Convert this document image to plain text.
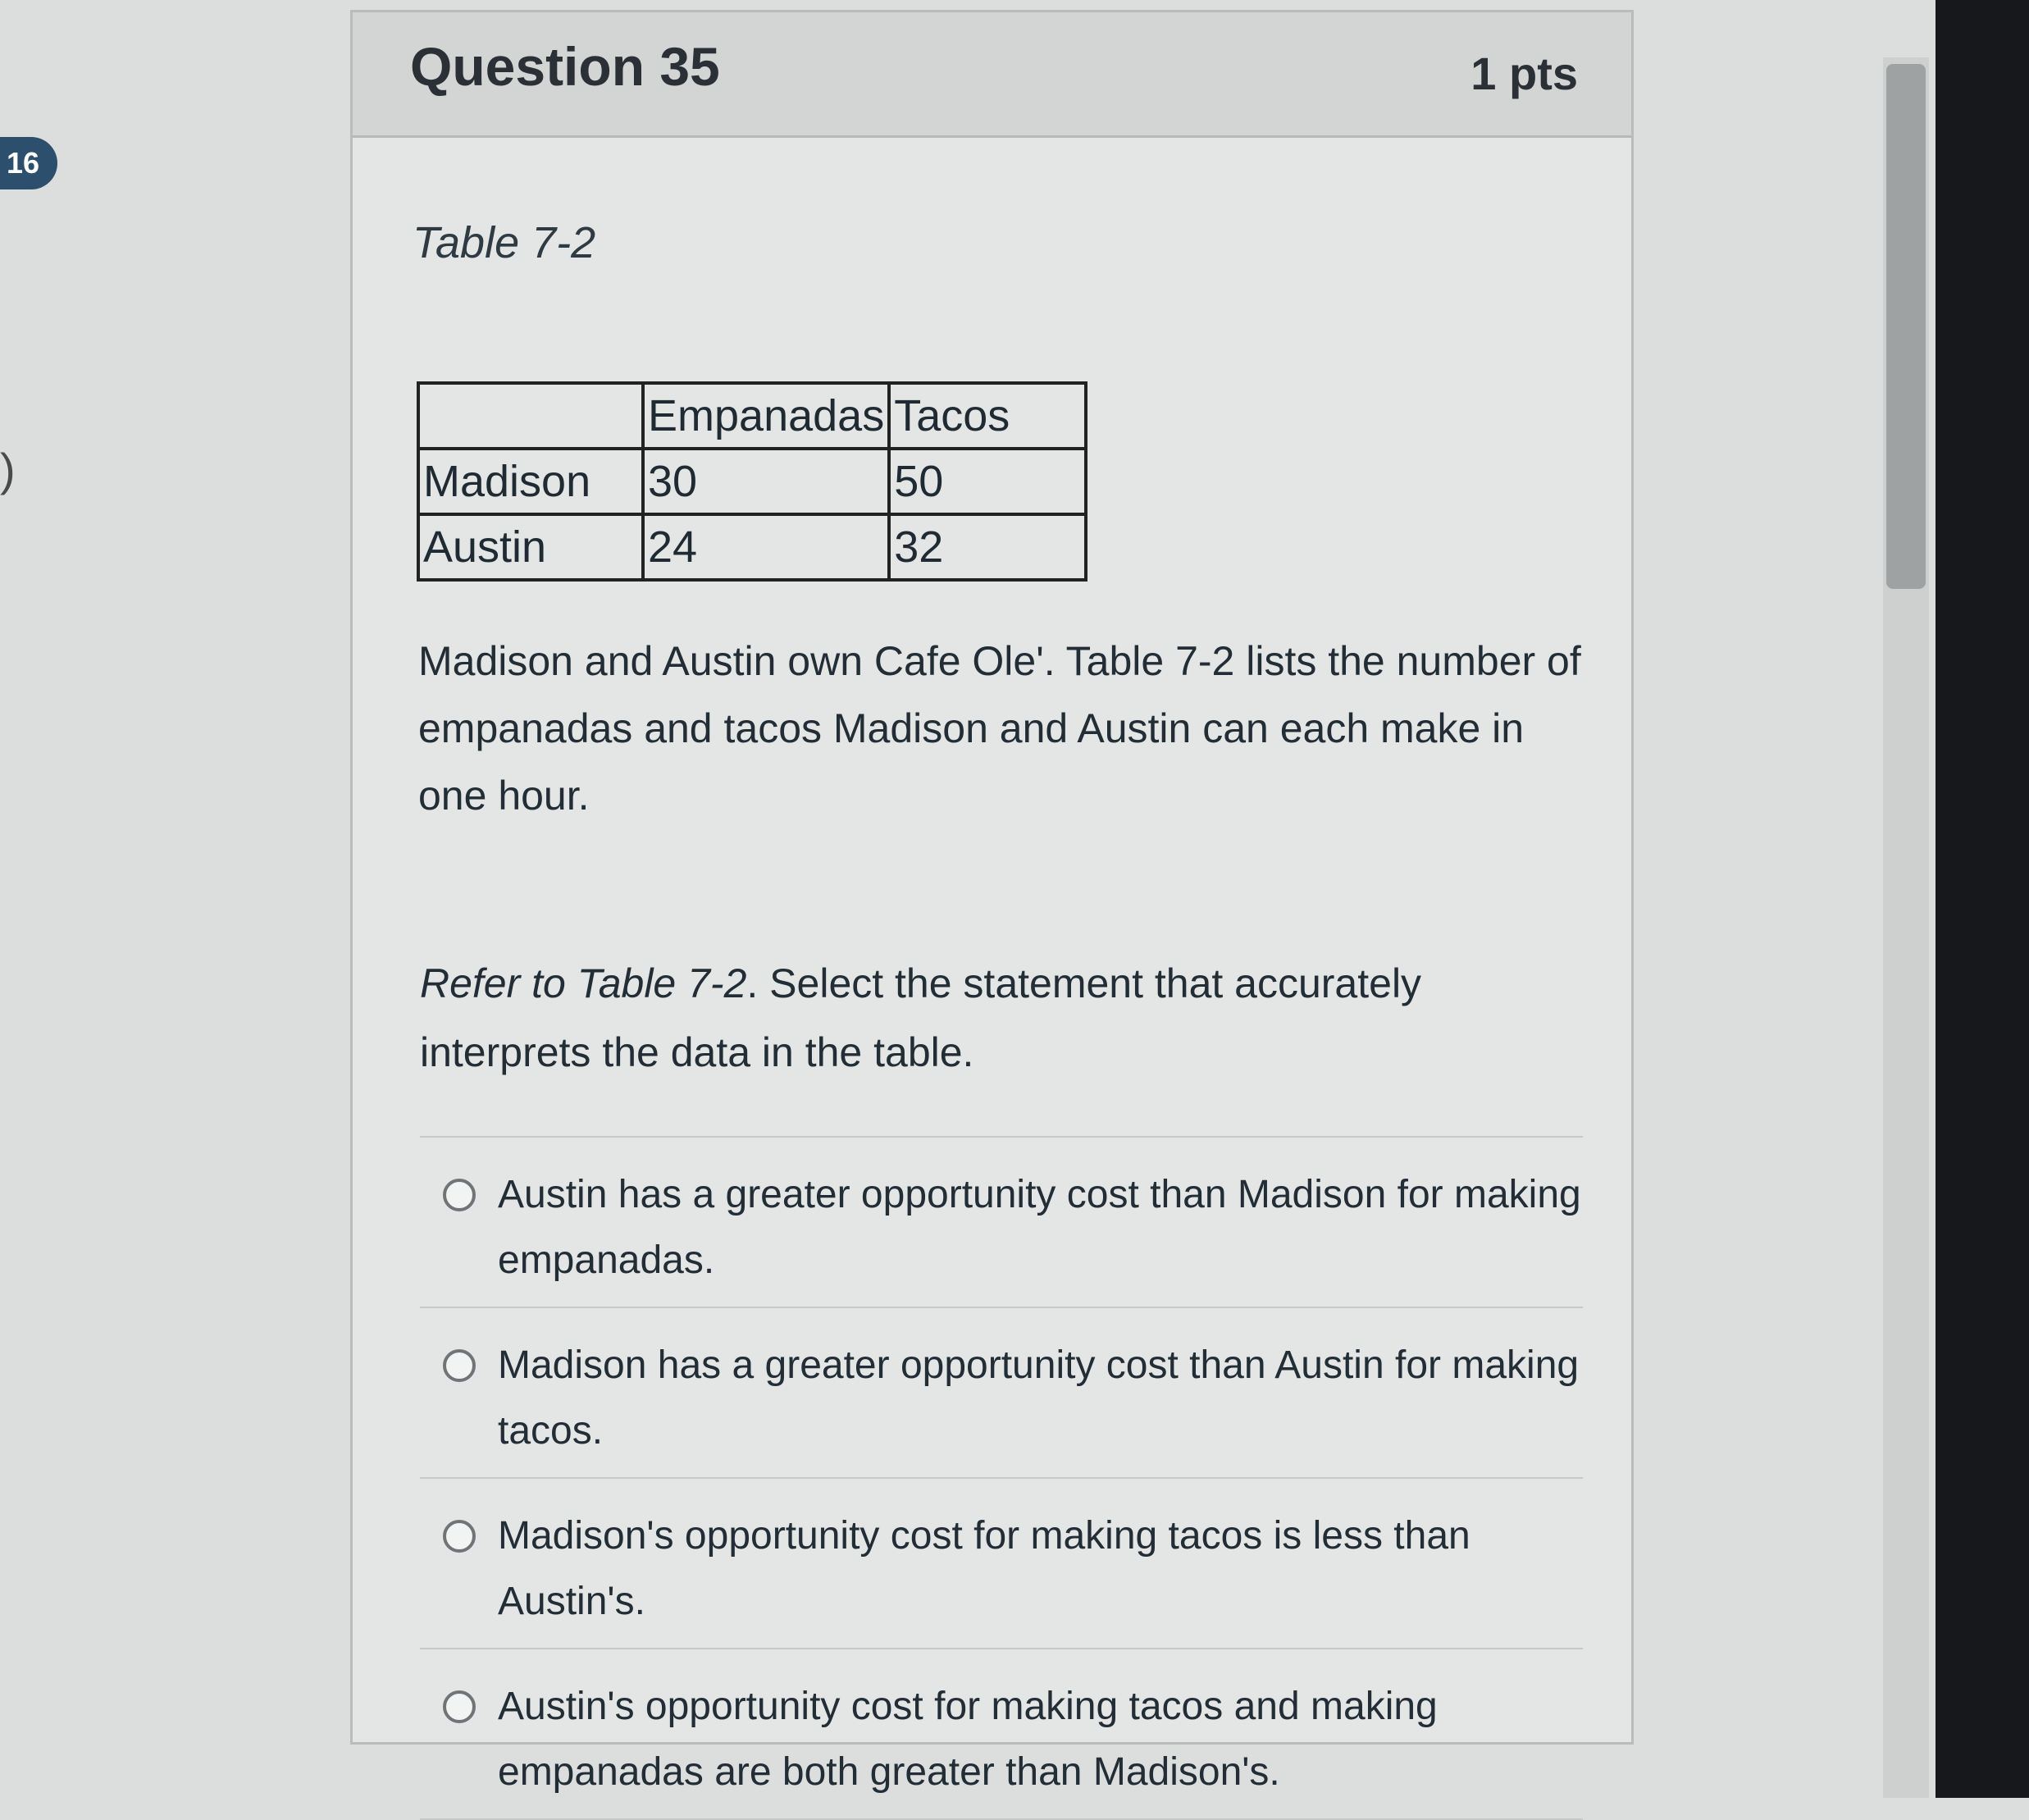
16
)
Question 35	1 pts
Table 7-2
	Empanadas	Tacos
Madison	30	50
Austin	24	32
Madison and Austin own Cafe Ole'. Table 7-2 lists the number of empanadas and tacos Madison and Austin can each make in one hour.
Refer to Table 7-2. Select the statement that accurately interprets the data in the table.
Austin has a greater opportunity cost than Madison for making empanadas.
Madison has a greater opportunity cost than Austin for making tacos.
Madison's opportunity cost for making tacos is less than Austin's.
Austin's opportunity cost for making tacos and making empanadas are both greater than Madison's.
